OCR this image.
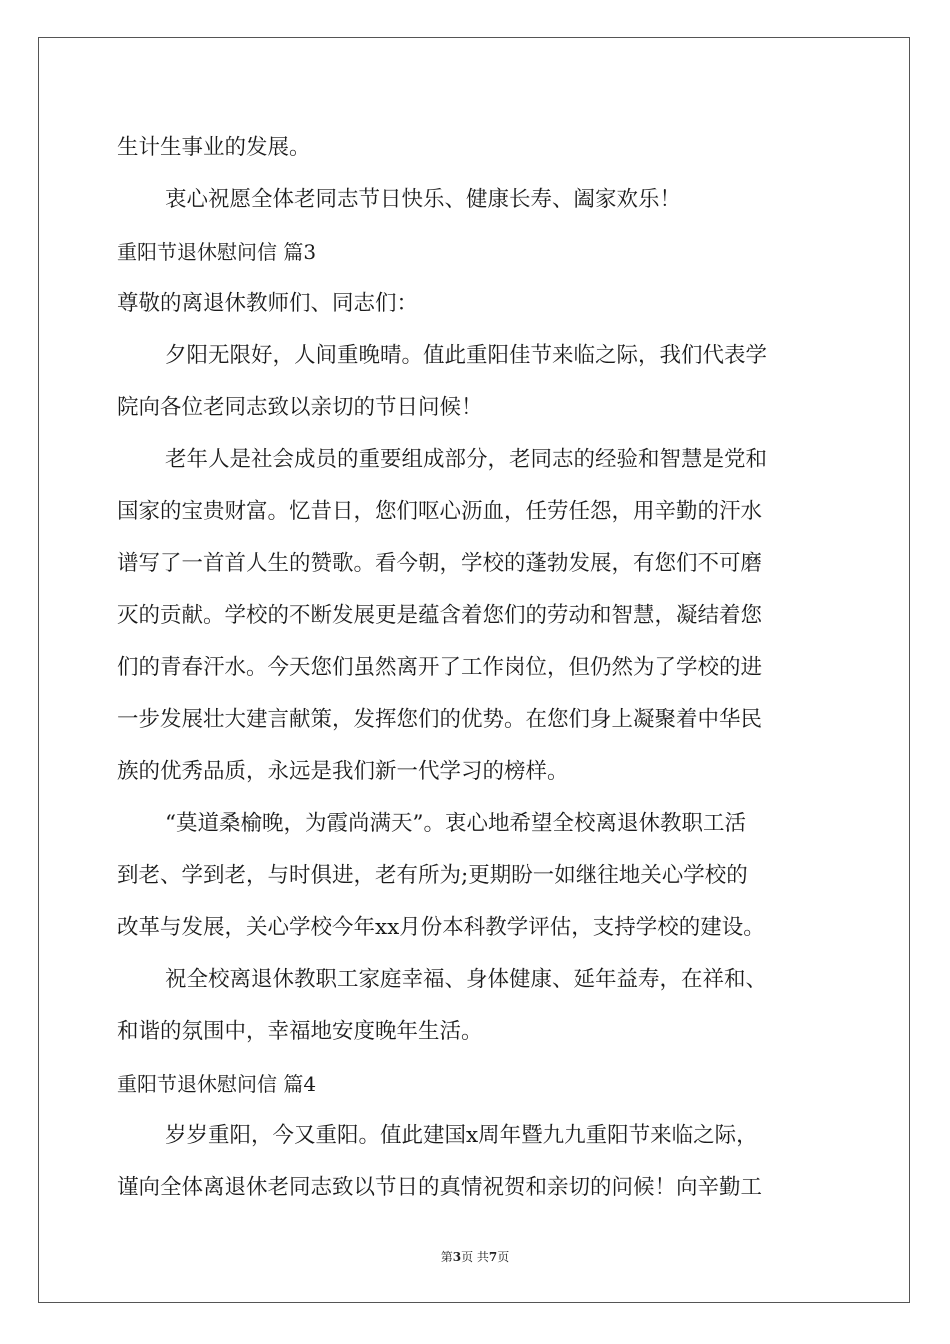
生计生事业的发展。
衷心祝愿全体老同志节日快乐、健康长寿、阖家欢乐！
重阳节退休慰问信 篇3
尊敬的离退休教师们、同志们：
夕阳无限好，人间重晚晴。值此重阳佳节来临之际，我们代表学
院向各位老同志致以亲切的节日问候！
老年人是社会成员的重要组成部分，老同志的经验和智慧是党和
国家的宝贵财富。忆昔日，您们呕心沥血，任劳任怨，用辛勤的汗水
谱写了一首首人生的赞歌。看今朝，学校的蓬勃发展，有您们不可磨
灭的贡献。学校的不断发展更是蕴含着您们的劳动和智慧，凝结着您
们的青春汗水。今天您们虽然离开了工作岗位，但仍然为了学校的进
一步发展壮大建言献策，发挥您们的优势。在您们身上凝聚着中华民
族的优秀品质，永远是我们新一代学习的榜样。
“莫道桑榆晚，为霞尚满天”。衷心地希望全校离退休教职工活
到老、学到老，与时俱进，老有所为;更期盼一如继往地关心学校的
改革与发展，关心学校今年xx月份本科教学评估，支持学校的建设。
祝全校离退休教职工家庭幸福、身体健康、延年益寿，在祥和、
和谐的氛围中，幸福地安度晚年生活。
重阳节退休慰问信 篇4
岁岁重阳，今又重阳。值此建国x周年暨九九重阳节来临之际，
谨向全体离退休老同志致以节日的真情祝贺和亲切的问候！向辛勤工
第3页 共7页
